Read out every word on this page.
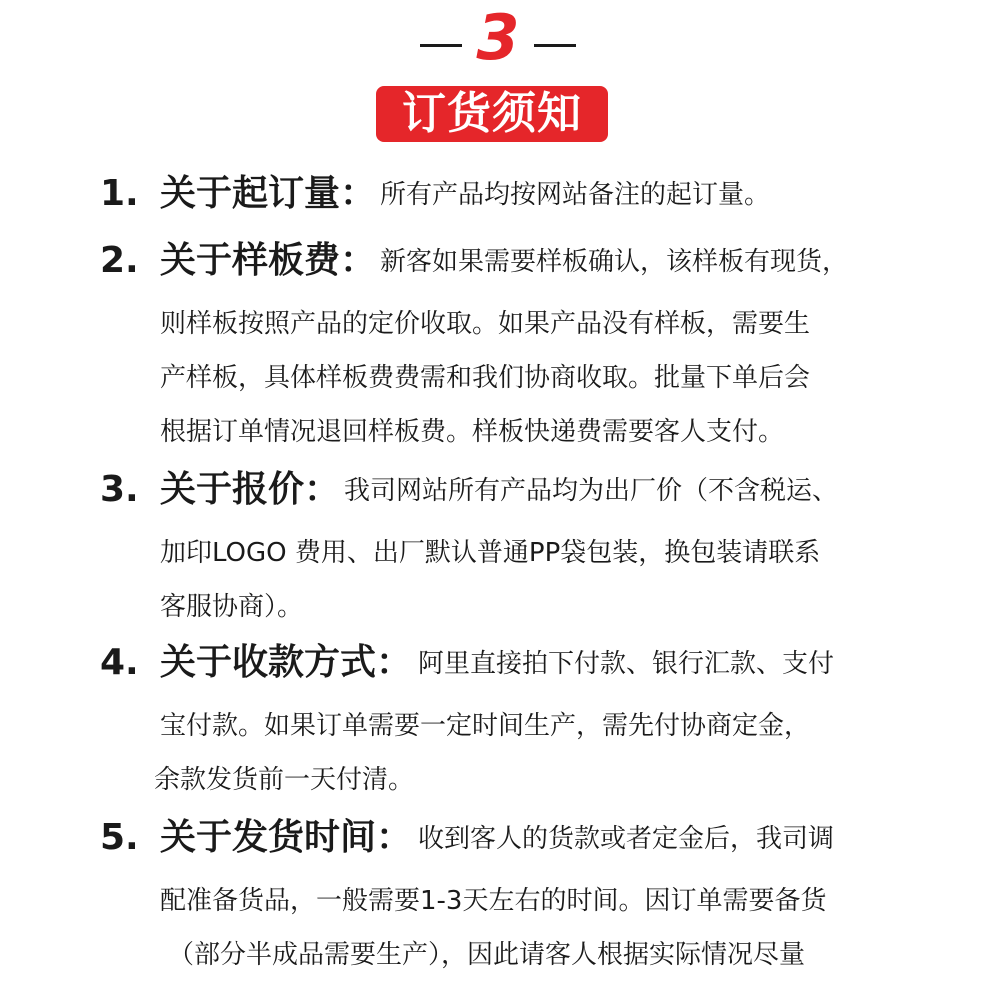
3
订货须知
1. 关于起订量： 所有产品均按网站备注的起订量。
2. 关于样板费： 新客如果需要样板确认，该样板有现货，
则样板按照产品的定价收取。如果产品没有样板，需要生
产样板，具体样板费费需和我们协商收取。批量下单后会
根据订单情况退回样板费。样板快递费需要客人支付。
3. 关于报价： 我司网站所有产品均为出厂价（不含税运、
加印LOGO 费用、出厂默认普通PP袋包装，换包装请联系
客服协商）。
4. 关于收款方式： 阿里直接拍下付款、银行汇款、支付
宝付款。如果订单需要一定时间生产，需先付协商定金，
余款发货前一天付清。
5. 关于发货时间： 收到客人的货款或者定金后，我司调
配准备货品，一般需要1-3天左右的时间。因订单需要备货
（部分半成品需要生产），因此请客人根据实际情况尽量
